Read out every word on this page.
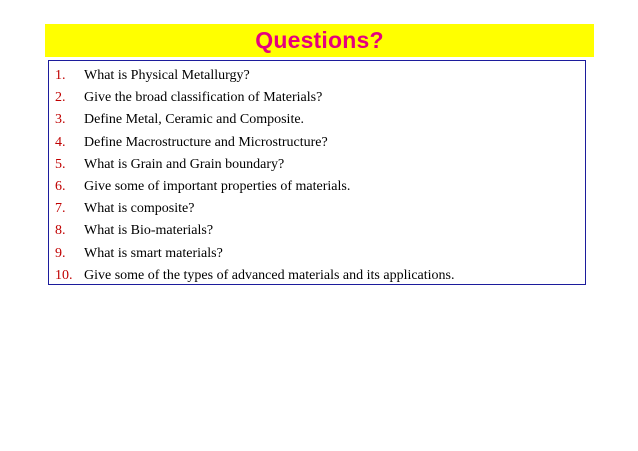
Questions?
1.	What is Physical Metallurgy?
2.	Give the broad classification of Materials?
3.	Define Metal, Ceramic and Composite.
4.	Define Macrostructure and Microstructure?
5.	What is Grain and Grain boundary?
6.	Give some of important properties of materials.
7.	What is composite?
8.	What is Bio-materials?
9.	What is smart materials?
10. Give some of the types of advanced materials and its applications.
